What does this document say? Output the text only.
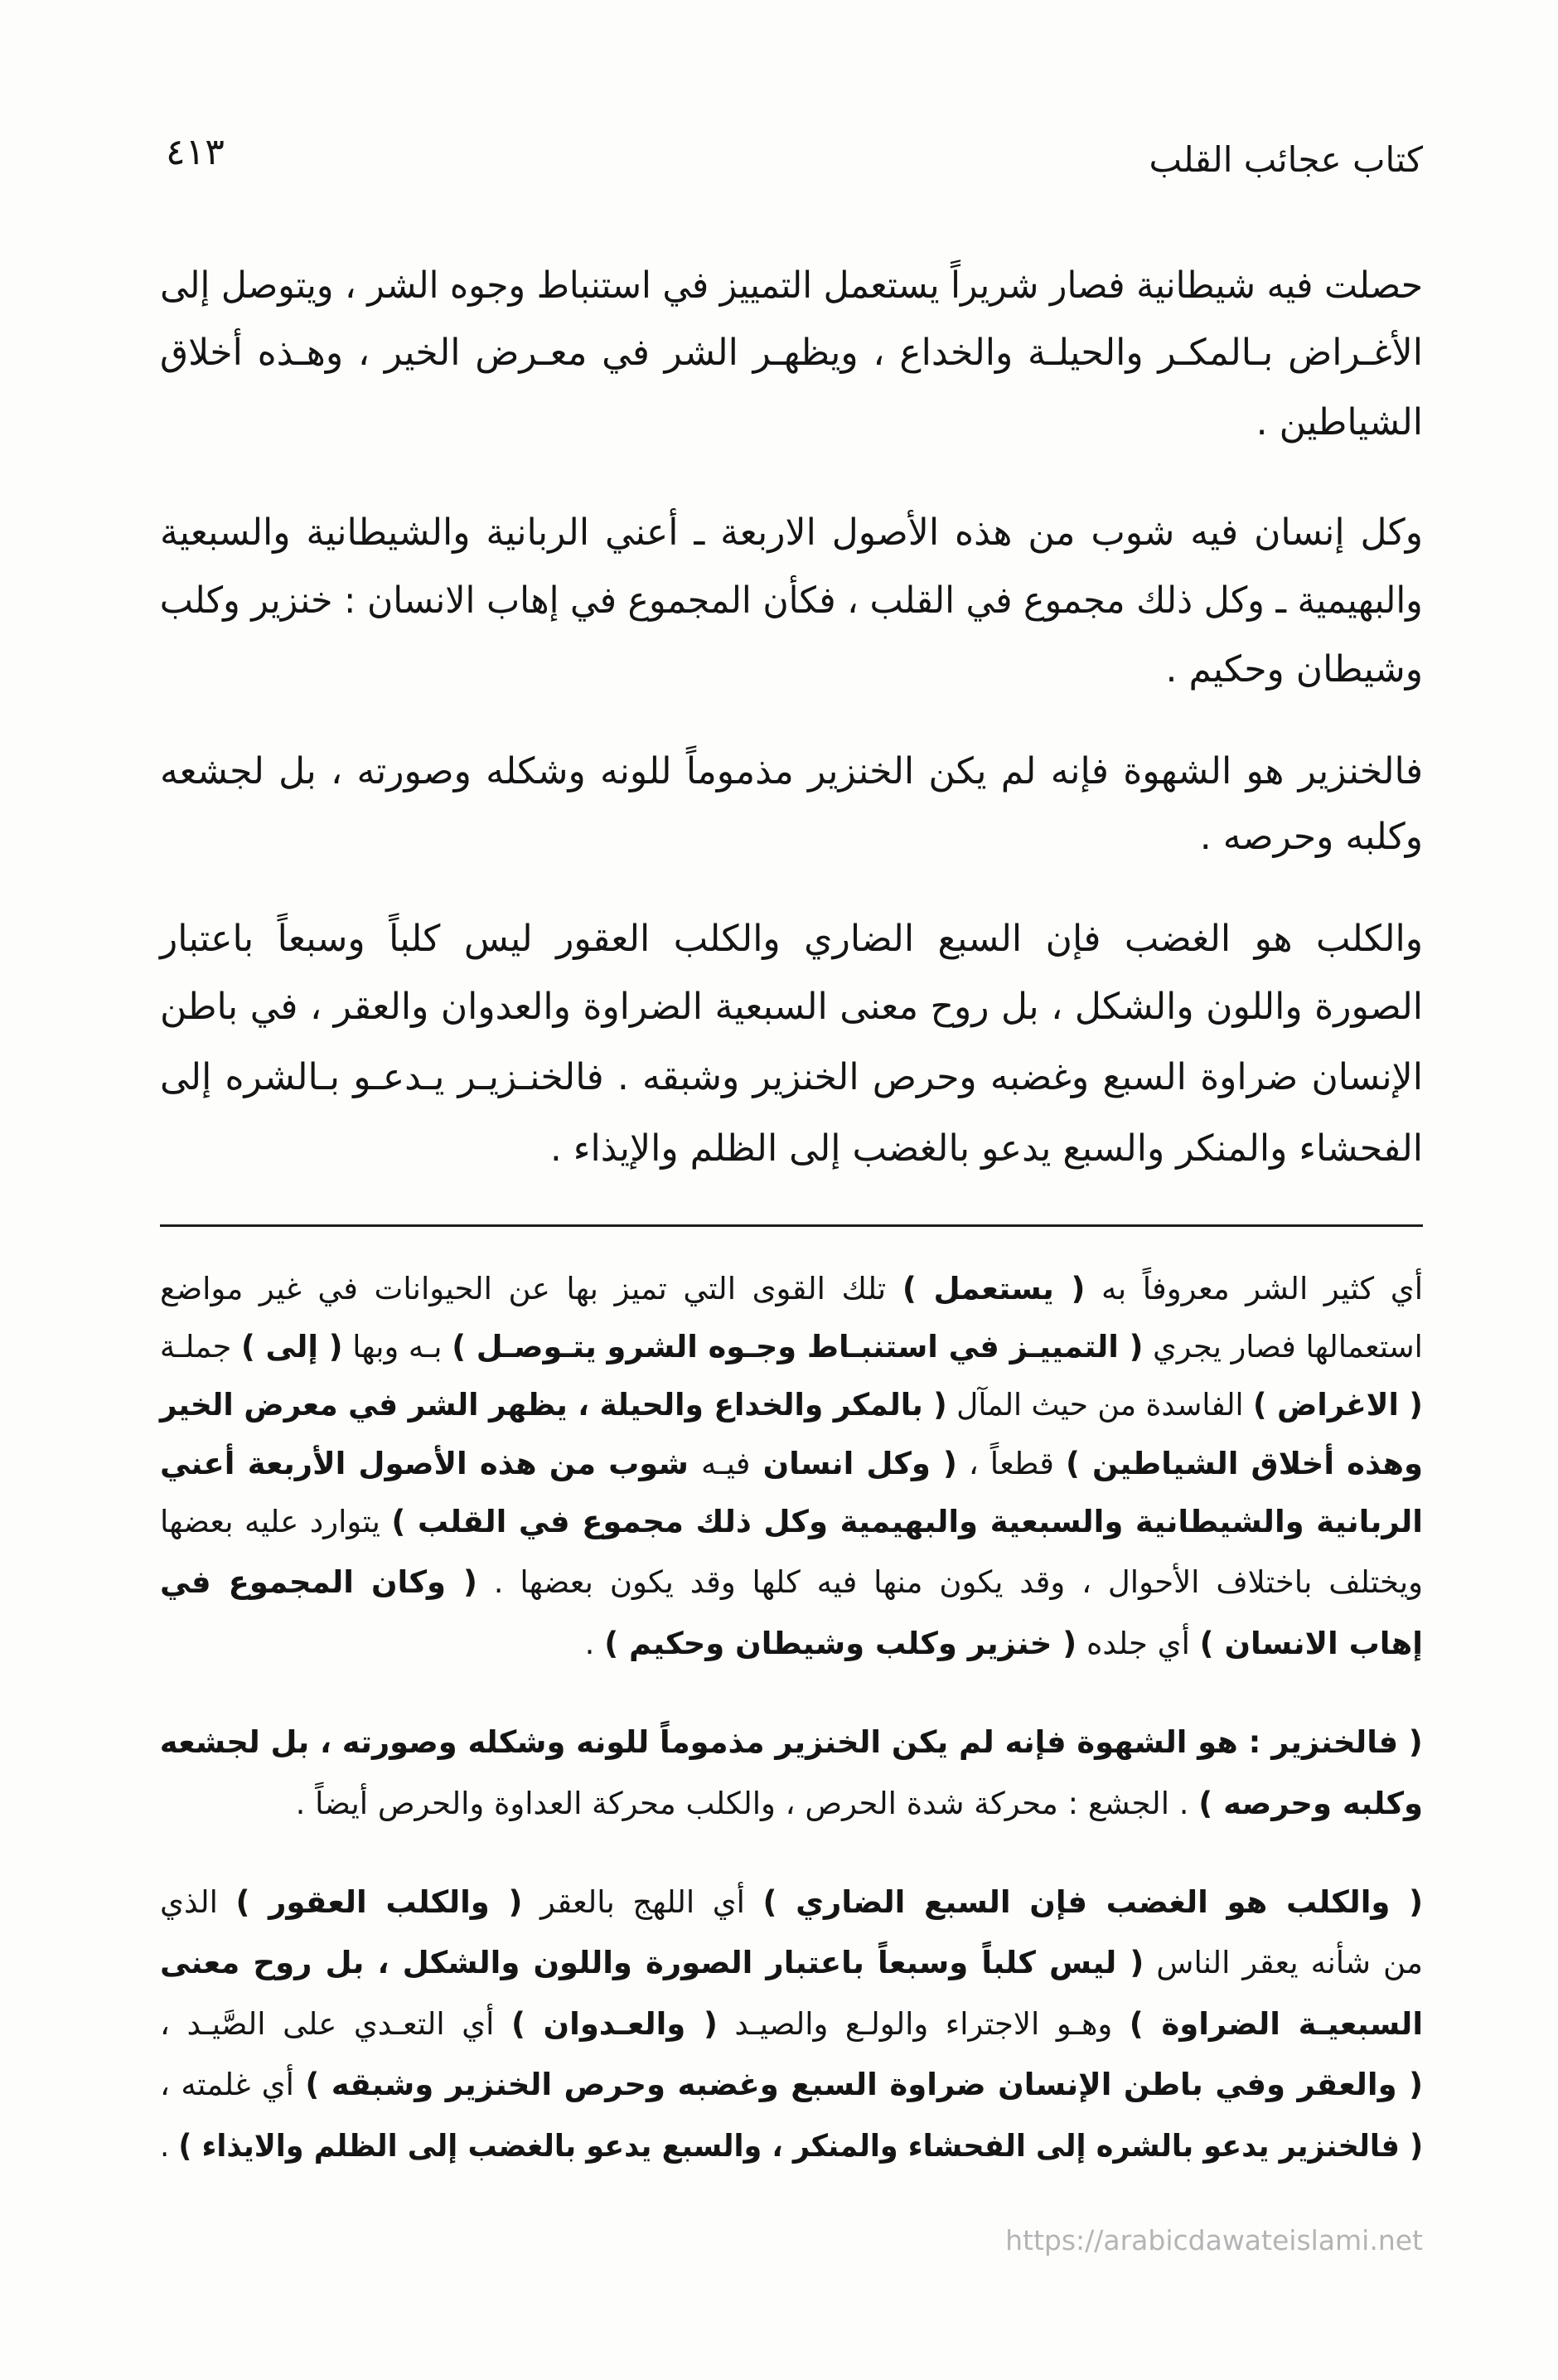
كتاب عجائب القلب
٤١٣
حصلت فيه شيطانية فصار شريراً يستعمل التمييز في استنباط وجوه الشر ، ويتوصل إلى
الأغـراض بـالمكـر والحيلـة والخداع ، ويظهـر الشر في معـرض الخير ، وهـذه أخلاق
الشياطين .
وكل إنسان فيه شوب من هذه الأصول الاربعة ـ أعني الربانية والشيطانية والسبعية
والبهيمية ـ وكل ذلك مجموع في القلب ، فكأن المجموع في إهاب الانسان : خنزير وكلب
وشيطان وحكيم .
فالخنزير هو الشهوة فإنه لم يكن الخنزير مذموماً للونه وشكله وصورته ، بل لجشعه
وكلبه وحرصه .
والكلب هو الغضب فإن السبع الضاري والكلب العقور ليس كلباً وسبعاً باعتبار
الصورة واللون والشكل ، بل روح معنى السبعية الضراوة والعدوان والعقر ، في باطن
الإنسان ضراوة السبع وغضبه وحرص الخنزير وشبقه . فالخنـزيـر يـدعـو بـالشره إلى
الفحشاء والمنكر والسبع يدعو بالغضب إلى الظلم والإيذاء .
أي كثير الشر معروفاً به ( يستعمل ) تلك القوى التي تميز بها عن الحيوانات في غير مواضع
استعمالها فصار يجري ( التمييـز في استنبـاط وجـوه الشرو يتـوصـل ) بـه وبها ( إلى ) جملـة
( الاغراض ) الفاسدة من حيث المآل ( بالمكر والخداع والحيلة ، يظهر الشر في معرض الخير
وهذه أخلاق الشياطين ) قطعاً ، ( وكل انسان فيـه شوب من هذه الأصول الأربعة أعني
الربانية والشيطانية والسبعية والبهيمية وكل ذلك مجموع في القلب ) يتوارد عليه بعضها
ويختلف باختلاف الأحوال ، وقد يكون منها فيه كلها وقد يكون بعضها . ( وكان المجموع في
إهاب الانسان ) أي جلده ( خنزير وكلب وشيطان وحكيم ) .
( فالخنزير : هو الشهوة فإنه لم يكن الخنزير مذموماً للونه وشكله وصورته ، بل لجشعه
وكلبه وحرصه ) . الجشع : محركة شدة الحرص ، والكلب محركة العداوة والحرص أيضاً .
( والكلب هو الغضب فإن السبع الضاري ) أي اللهج بالعقر ( والكلب العقور ) الذي
من شأنه يعقر الناس ( ليس كلباً وسبعاً باعتبار الصورة واللون والشكل ، بل روح معنى
السبعيـة الضراوة ) وهـو الاجتراء والولـع والصيـد ( والعـدوان ) أي التعـدي على الصَّيـد ،
( والعقر وفي باطن الإنسان ضراوة السبع وغضبه وحرص الخنزير وشبقه ) أي غلمته ،
( فالخنزير يدعو بالشره إلى الفحشاء والمنكر ، والسبع يدعو بالغضب إلى الظلم والايذاء ) .
https://arabicdawateislami.net
